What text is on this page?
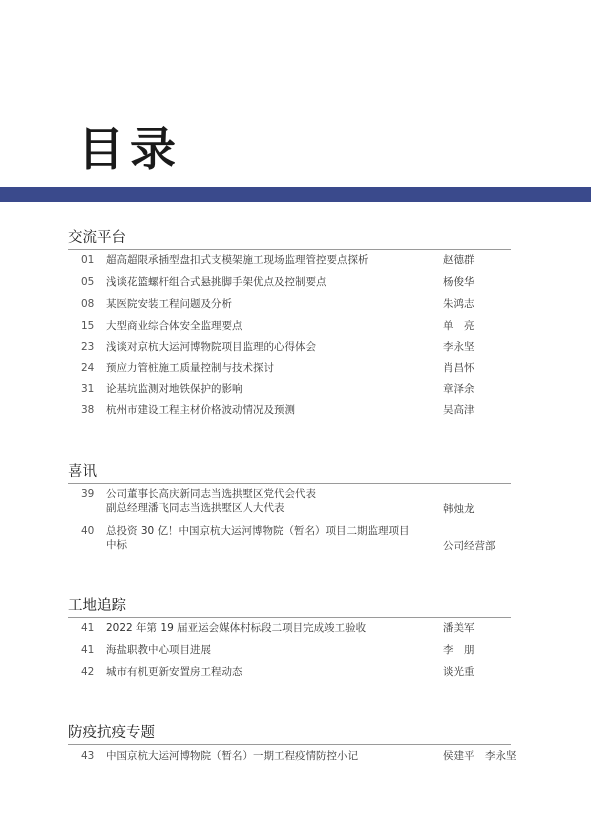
目录
交流平台
01 超高超限承插型盘扣式支模架施工现场监理管控要点探析	赵德群
05 浅谈花篮螺杆组合式悬挑脚手架优点及控制要点	杨俊华
08 某医院安装工程问题及分析	朱鸿志
15 大型商业综合体安全监理要点	单　亮
23 浅谈对京杭大运河博物院项目监理的心得体会	李永坚
24 预应力管桩施工质量控制与技术探讨	肖昌怀
31 论基坑监测对地铁保护的影响	章泽余
38 杭州市建设工程主材价格波动情况及预测	吴高津
喜讯
39 公司董事长高庆新同志当选拱墅区党代会代表
副总经理潘飞同志当选拱墅区人大代表	韩烛龙
40 总投资 30 亿！中国京杭大运河博物院（暂名）项目二期监理项目
中标	公司经营部
工地追踪
41 2022 年第 19 届亚运会媒体村标段二项目完成竣工验收	潘美军
41 海盐职教中心项目进展	李　朋
42 城市有机更新安置房工程动态	谈光重
防疫抗疫专题
43 中国京杭大运河博物院（暂名）一期工程疫情防控小记	侯建平　李永坚
